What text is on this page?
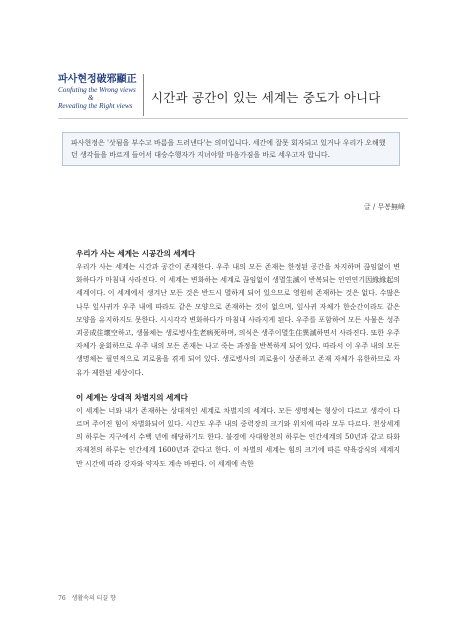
파사현정破邪顯正
Confuting the Wrong views
&
Revealing the Right views
시간과 공간이 있는 세계는 중도가 아니다
파사현정은 '삿됨을 부수고 바름을 드러낸다'는 의미입니다. 세간에 잘못 회자되고 있거나 우리가 오해했던 생각들을 바르게 들어서 대승수행자가 지녀야할 마음가짐을 바로 세우고자 합니다.
글 / 무봉無峰
우리가 사는 세계는 시공간의 세계다
우리가 사는 세계는 시간과 공간이 존재한다. 우주 내의 모든 존재는 한정된 공간을 차지하며 끊임없이 변화하다가 마침내 사라진다. 이 세계는 변화하는 세계로 끊임없이 생멸生滅이 반복되는 인연연기因緣緣起의 세계이다. 이 세계에서 생겨난 모든 것은 반드시 멸하게 되어 있으므로 영원히 존재하는 것은 없다. 수많은 나무 잎사귀가 우주 내에 따라도 같은 모양으로 존재하는 것이 없으며, 잎사귀 자체가 한순간이라도 같은 모양을 유지하지도 못한다. 시시각각 변화하다가 마침내 사라지게 된다. 우주를 포함하여 모든 사물은 성주괴공成住壞空하고, 생물체는 생로병사生老病死하며, 의식은 생주이멸生住異滅하면서 사라진다. 또한 우주 자체가 윤회하므로 우주 내의 모든 존재는 나고 죽는 과정을 반복하게 되어 있다. 따라서 이 우주 내의 모든 생명체는 필연적으로 괴로움을 겪게 되어 있다. 생로병사의 괴로움이 상존하고 존재 자체가 유한하므로 자유가 제한된 세상이다.
이 세계는 상대적 차별지의 세계다
이 세계는 너와 내가 존재하는 상대적인 세계로 차별지의 세계다. 모든 생명체는 형상이 다르고 생각이 다르며 주어진 힘이 차별화되어 있다. 시간도 우주 내의 중력장의 크기와 위치에 따라 모두 다르다. 천상세계의 하루는 지구에서 수백 년에 해당하기도 한다. 불경에 사대왕천의 하루는 인간세계의 50년과 같고 타화자재천의 하루는 인간세계 1600년과 같다고 한다. 이 차별의 세계는 힘의 크기에 따른 약육강식의 세계지만 시간에 따라 강자와 약자도 계속 바뀐다. 이 세계에 속한
76 생활속의 티끌 향
